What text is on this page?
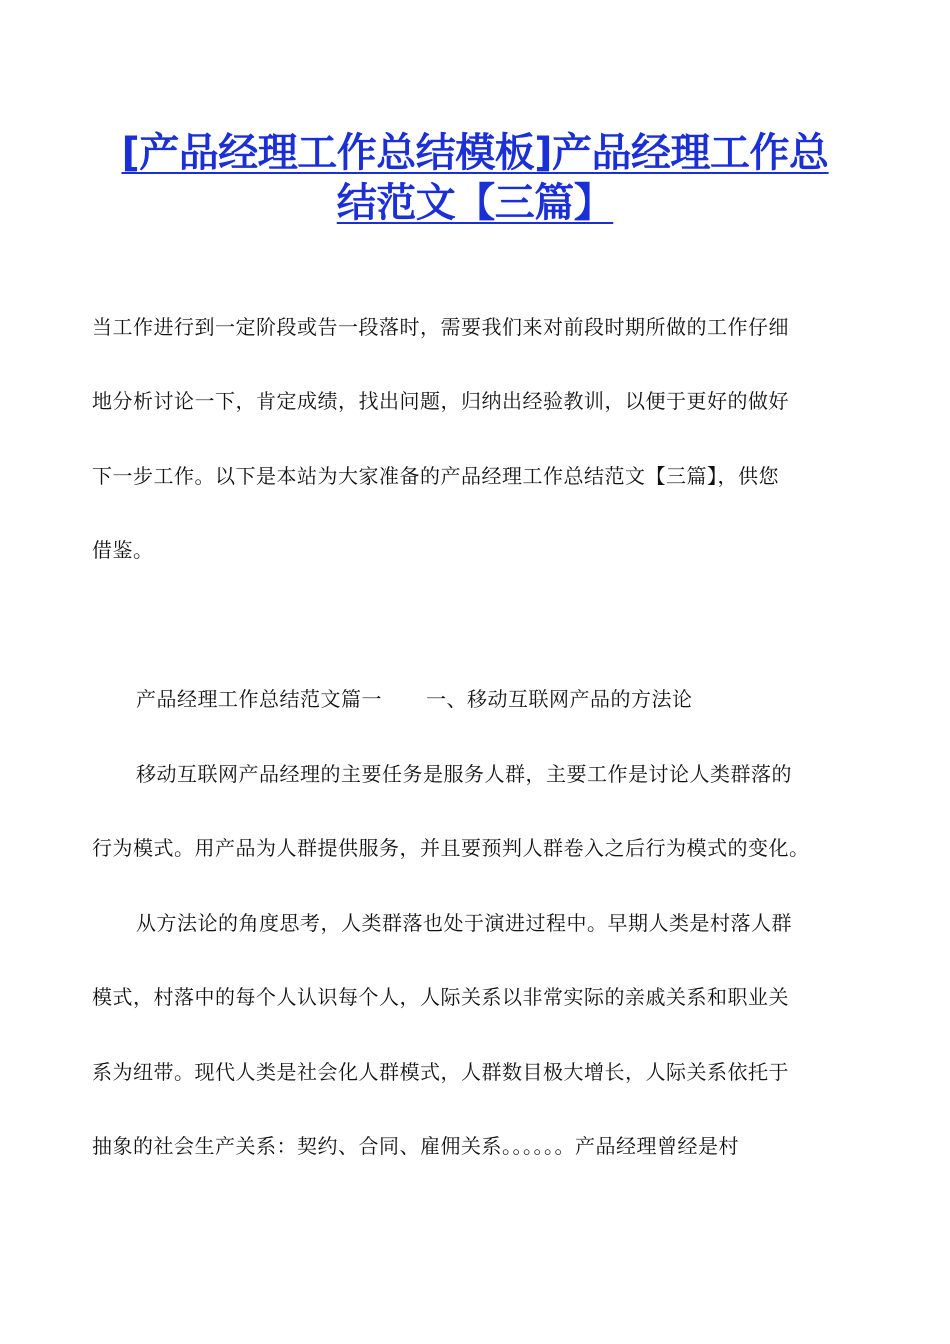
[产品经理工作总结模板]产品经理工作总
结范文【三篇】
当工作进行到一定阶段或告一段落时，需要我们来对前段时期所做的工作仔细
地分析讨论一下，肯定成绩，找出问题，归纳出经验教训，以便于更好的做好
下一步工作。以下是本站为大家准备的产品经理工作总结范文【三篇】，供您
借鉴。
产品经理工作总结范文篇一 一、移动互联网产品的方法论
移动互联网产品经理的主要任务是服务人群，主要工作是讨论人类群落的
行为模式。用产品为人群提供服务，并且要预判人群卷入之后行为模式的变化。
从方法论的角度思考，人类群落也处于演进过程中。早期人类是村落人群
模式，村落中的每个人认识每个人，人际关系以非常实际的亲戚关系和职业关
系为纽带。现代人类是社会化人群模式，人群数目极大增长，人际关系依托于
抽象的社会生产关系：契约、合同、雇佣关系。。。。。。产品经理曾经是村
